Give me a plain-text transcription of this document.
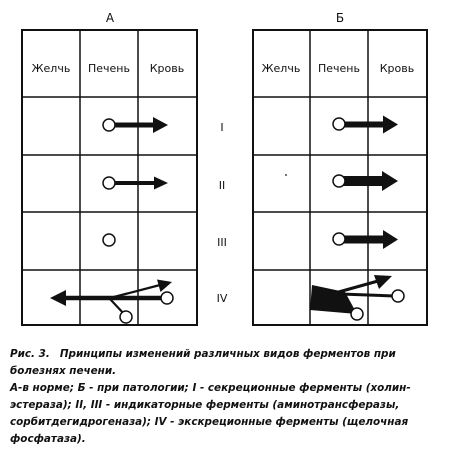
А	Б
Желчь Печень Кровь	Желчь Печень Кровь
I
II
III
IV
Рис. 3. Принципы изменений различных видов ферментов при болезнях печени.
А-в норме; Б - при патологии; I - секреционные ферменты (холин-эстераза); II, III - индикаторные ферменты (аминотрансферазы, сорбитдегидрогеназа); IV - экскреционные ферменты (щелочная фосфатаза).
